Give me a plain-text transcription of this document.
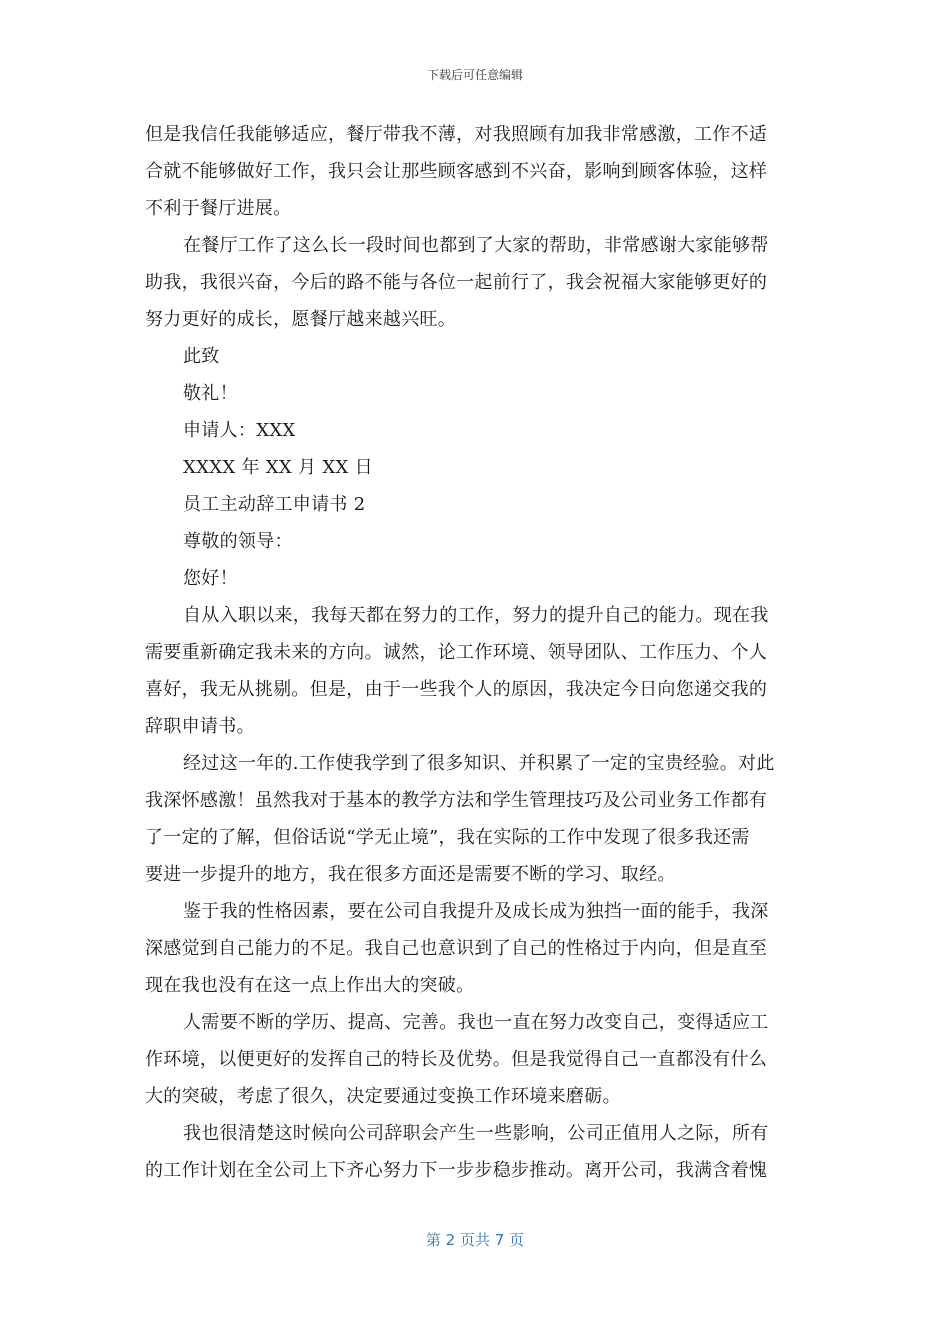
下载后可任意编辑
但是我信任我能够适应，餐厅带我不薄，对我照顾有加我非常感激，工作不适
合就不能够做好工作，我只会让那些顾客感到不兴奋，影响到顾客体验，这样
不利于餐厅进展。
在餐厅工作了这么长一段时间也都到了大家的帮助，非常感谢大家能够帮
助我，我很兴奋，今后的路不能与各位一起前行了，我会祝福大家能够更好的
努力更好的成长，愿餐厅越来越兴旺。
此致
敬礼！
申请人：XXX
XXXX 年 XX 月 XX 日
员工主动辞工申请书 2
尊敬的领导：
您好！
自从入职以来，我每天都在努力的工作，努力的提升自己的能力。现在我
需要重新确定我未来的方向。诚然，论工作环境、领导团队、工作压力、个人
喜好，我无从挑剔。但是，由于一些我个人的原因，我决定今日向您递交我的
辞职申请书。
经过这一年的.工作使我学到了很多知识、并积累了一定的宝贵经验。对此
我深怀感激！虽然我对于基本的教学方法和学生管理技巧及公司业务工作都有
了一定的了解，但俗话说“学无止境”，我在实际的工作中发现了很多我还需
要进一步提升的地方，我在很多方面还是需要不断的学习、取经。
鉴于我的性格因素，要在公司自我提升及成长成为独挡一面的能手，我深
深感觉到自己能力的不足。我自己也意识到了自己的性格过于内向，但是直至
现在我也没有在这一点上作出大的突破。
人需要不断的学历、提高、完善。我也一直在努力改变自己，变得适应工
作环境，以便更好的发挥自己的特长及优势。但是我觉得自己一直都没有什么
大的突破，考虑了很久，决定要通过变换工作环境来磨砺。
我也很清楚这时候向公司辞职会产生一些影响，公司正值用人之际，所有
的工作计划在全公司上下齐心努力下一步步稳步推动。离开公司，我满含着愧
第 2 页共 7 页
